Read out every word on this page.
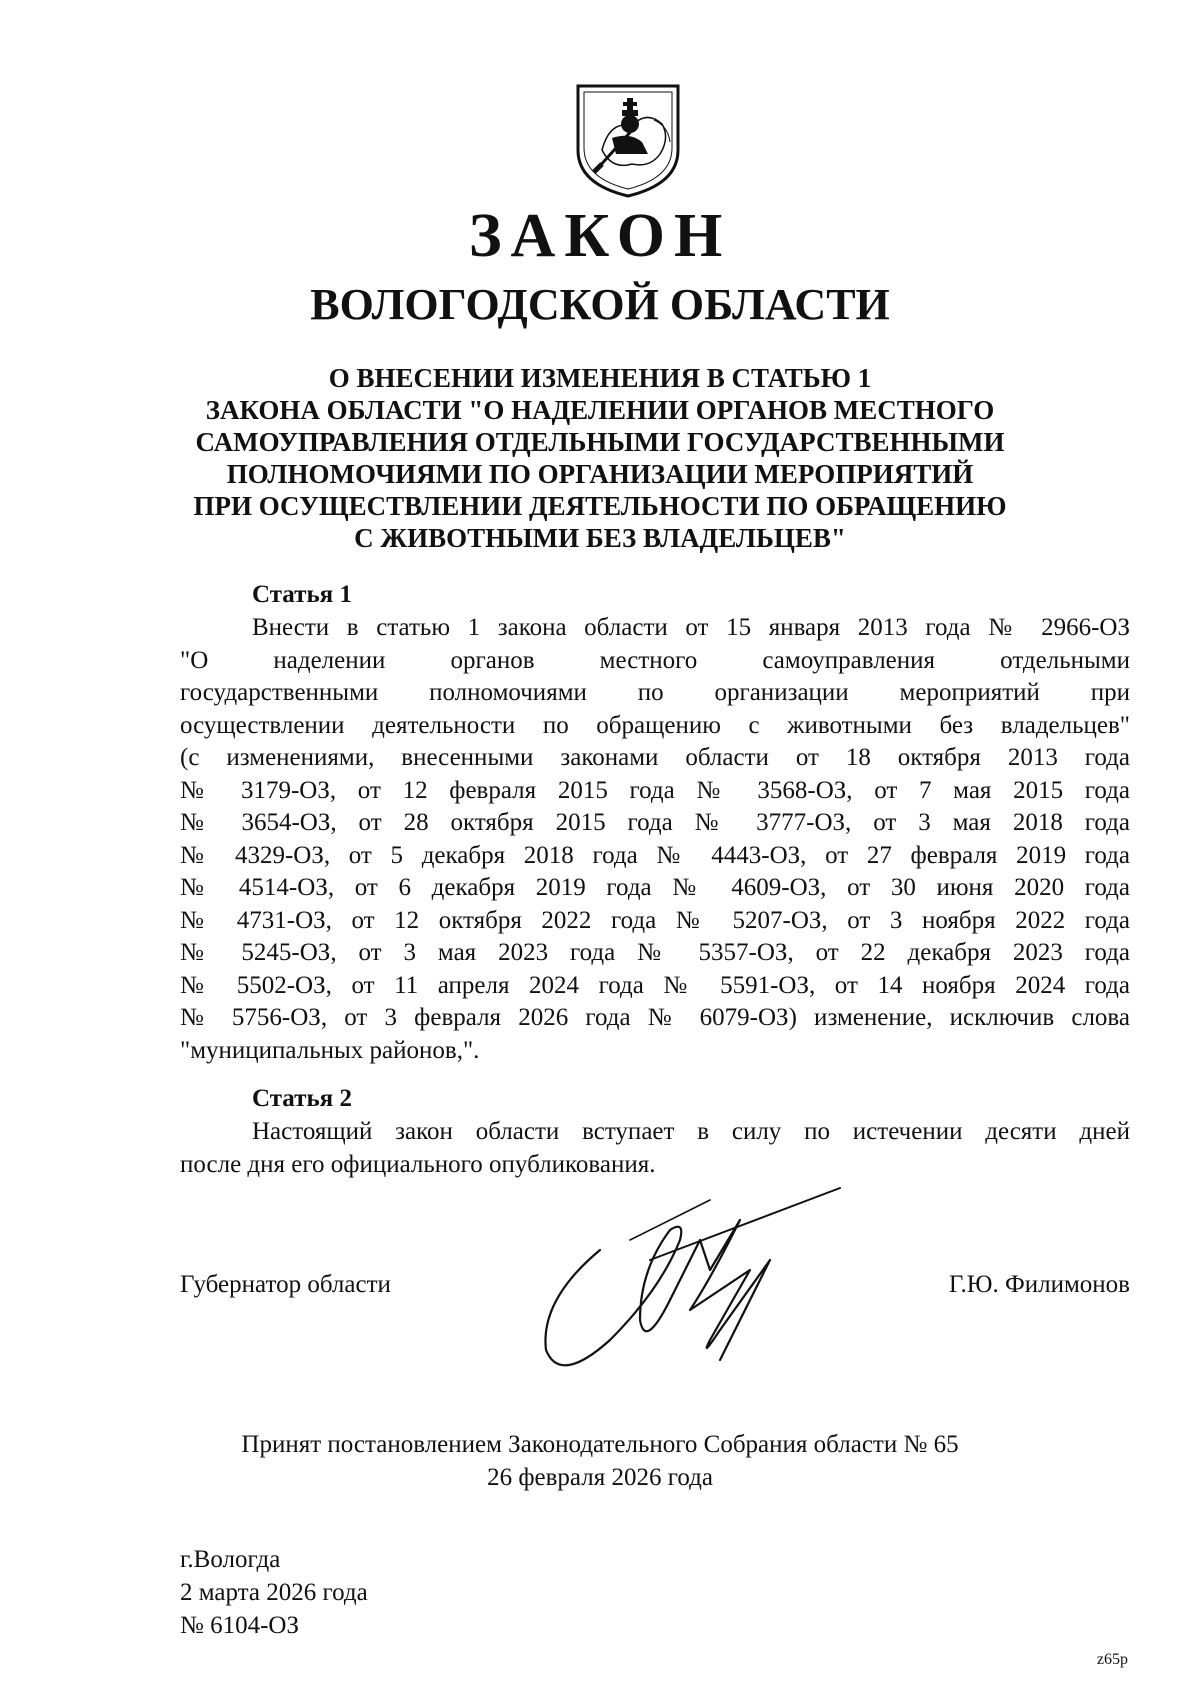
ЗАКОН
ВОЛОГОДСКОЙ ОБЛАСТИ
О ВНЕСЕНИИ ИЗМЕНЕНИЯ В СТАТЬЮ 1
ЗАКОНА ОБЛАСТИ "О НАДЕЛЕНИИ ОРГАНОВ МЕСТНОГО
САМОУПРАВЛЕНИЯ ОТДЕЛЬНЫМИ ГОСУДАРСТВЕННЫМИ
ПОЛНОМОЧИЯМИ ПО ОРГАНИЗАЦИИ МЕРОПРИЯТИЙ
ПРИ ОСУЩЕСТВЛЕНИИ ДЕЯТЕЛЬНОСТИ ПО ОБРАЩЕНИЮ
С ЖИВОТНЫМИ БЕЗ ВЛАДЕЛЬЦЕВ"
Статья 1
Внести в статью 1 закона области от 15 января 2013 года № 2966-ОЗ
"О наделении органов местного самоуправления отдельными
государственными полномочиями по организации мероприятий при
осуществлении деятельности по обращению с животными без владельцев"
(с изменениями, внесенными законами области от 18 октября 2013 года
№ 3179-ОЗ, от 12 февраля 2015 года № 3568-ОЗ, от 7 мая 2015 года
№ 3654-ОЗ, от 28 октября 2015 года № 3777-ОЗ, от 3 мая 2018 года
№ 4329-ОЗ, от 5 декабря 2018 года № 4443-ОЗ, от 27 февраля 2019 года
№ 4514-ОЗ, от 6 декабря 2019 года № 4609-ОЗ, от 30 июня 2020 года
№ 4731-ОЗ, от 12 октября 2022 года № 5207-ОЗ, от 3 ноября 2022 года
№ 5245-ОЗ, от 3 мая 2023 года № 5357-ОЗ, от 22 декабря 2023 года
№ 5502-ОЗ, от 11 апреля 2024 года № 5591-ОЗ, от 14 ноября 2024 года
№ 5756-ОЗ, от 3 февраля 2026 года № 6079-ОЗ) изменение, исключив слова
"муниципальных районов,".
Статья 2
Настоящий закон области вступает в силу по истечении десяти дней
после дня его официального опубликования.
Губернатор области	Г.Ю. Филимонов
Принят постановлением Законодательного Собрания области № 65
26 февраля 2026 года
г.Вологда
2 марта 2026 года
№ 6104-ОЗ
z65p
